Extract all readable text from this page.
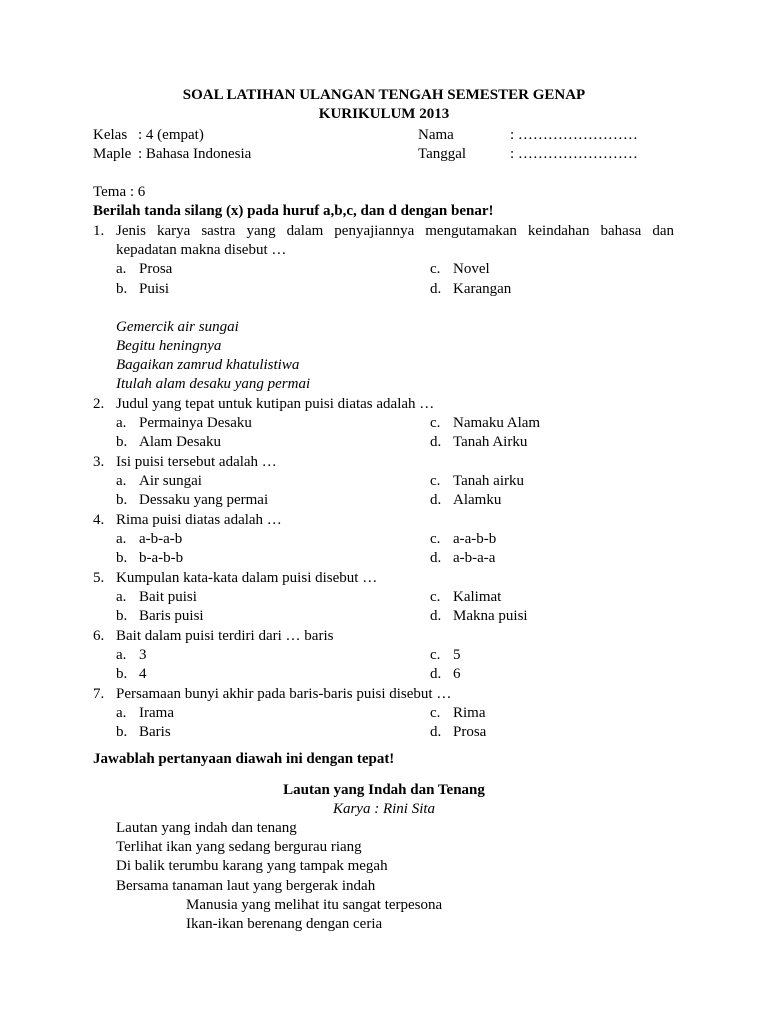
SOAL LATIHAN ULANGAN TENGAH SEMESTER GENAP
KURIKULUM 2013
Kelas : 4 (empat)
Maple : Bahasa Indonesia
Nama	: ……………………
Tanggal	: ……………………
Tema : 6
Berilah tanda silang (x) pada huruf a,b,c, dan d dengan benar!
1. Jenis karya sastra yang dalam penyajiannya mengutamakan keindahan bahasa dan
kepadatan makna disebut …
a. Prosa
b. Puisi
c. Novel
d. Karangan
Gemercik air sungai
Begitu heningnya
Bagaikan zamrud khatulistiwa
Itulah alam desaku yang permai
2. Judul yang tepat untuk kutipan puisi diatas adalah …
a. Permainya Desaku
b. Alam Desaku
c. Namaku Alam
d. Tanah Airku
3. Isi puisi tersebut adalah …
a. Air sungai
b. Dessaku yang permai
c. Tanah airku
d. Alamku
4. Rima puisi diatas adalah …
a. a-b-a-b
b. b-a-b-b
c. a-a-b-b
d. a-b-a-a
5. Kumpulan kata-kata dalam puisi disebut …
a. Bait puisi
b. Baris puisi
c. Kalimat
d. Makna puisi
6. Bait dalam puisi terdiri dari … baris
a. 3
b. 4
c. 5
d. 6
7. Persamaan bunyi akhir pada baris-baris puisi disebut …
a. Irama
b. Baris
c. Rima
d. Prosa
Jawablah pertanyaan diawah ini dengan tepat!
Lautan yang Indah dan Tenang
Karya : Rini Sita
Lautan yang indah dan tenang
Terlihat ikan yang sedang bergurau riang
Di balik terumbu karang yang tampak megah
Bersama tanaman laut yang bergerak indah
Manusia yang melihat itu sangat terpesona
Ikan-ikan berenang dengan ceria
